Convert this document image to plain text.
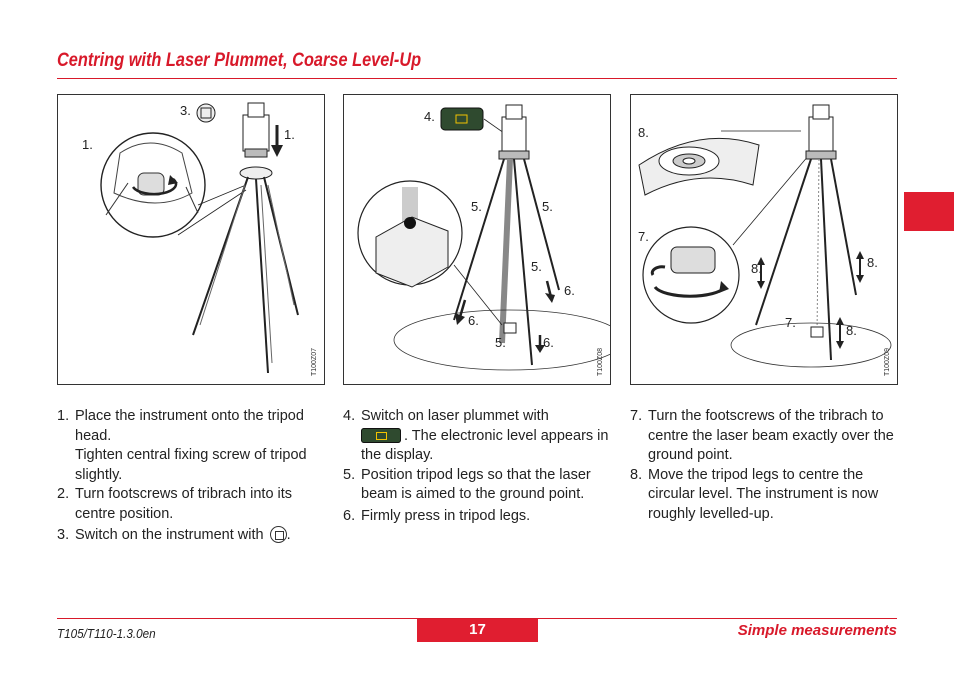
Centring with Laser Plummet, Coarse Level-Up
3.
1.
1.
T100Z07
4.
5.	5.
5.
6.
6.
5.	6.
T100Z08
8.
7.
8.	8.
7.
8.
T100Z09
1. Place the instrument onto the tripod head.
Tighten central fixing screw of tripod slightly.
2. Turn footscrews of tribrach into its centre position.
3. Switch on the instrument with .
4. Switch on laser plummet with
. The electronic level appears in the display.
5. Position tripod legs so that the laser beam is aimed to the ground point.
6. Firmly press in tripod legs.
7. Turn the footscrews of the tribrach to centre the laser beam exactly over the ground point.
8. Move the tripod legs to centre the circular level. The instrument is now roughly levelled-up.
T105/T110-1.3.0en	17	Simple measurements
